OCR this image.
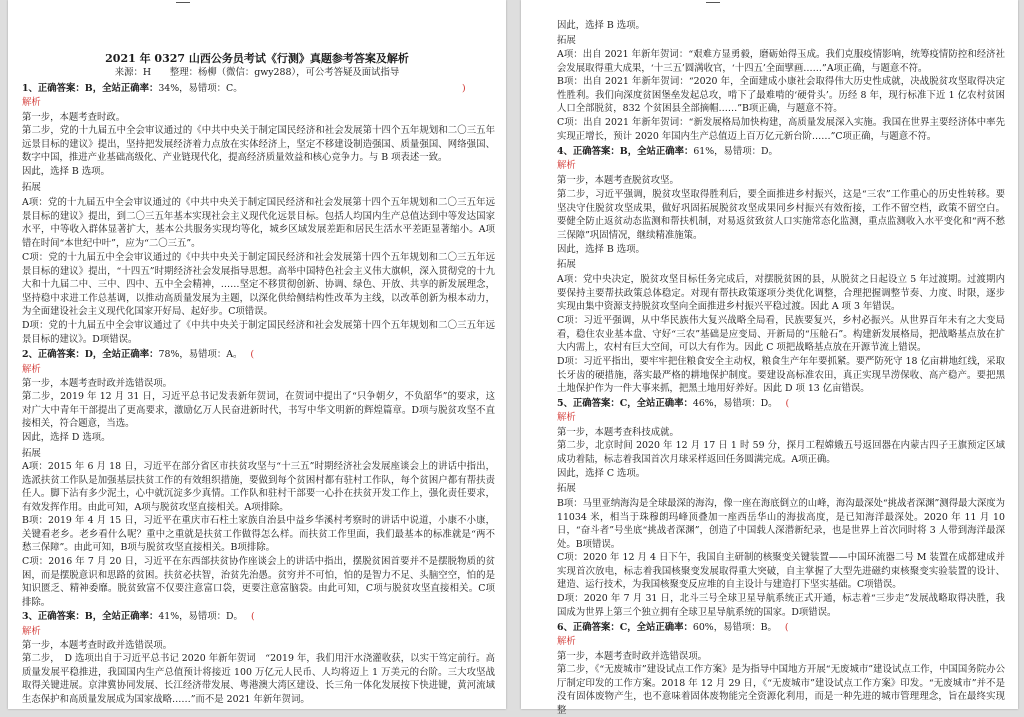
2021 年 0327 山西公务员考试《行测》真题参考答案及解析
来源：H　　整理：杨柳（微信：gwy288），可公考答疑及面试指导
1、正确答案：B，全站正确率：34%，易错项：C。	)
解析
第一步，本题考查时政。
第二步，党的十九届五中全会审议通过的《中共中央关于制定国民经济和社会发展第十四个五年规划和二〇三五年远景目标的建议》提出，坚持把发展经济着力点放在实体经济上，坚定不移建设制造强国、质量强国、网络强国、数字中国，推进产业基础高级化、产业链现代化，提高经济质量效益和核心竞争力。与 B 项表述一致。
因此，选择 B 选项。
拓展
A项：党的十九届五中全会审议通过的《中共中央关于制定国民经济和社会发展第十四个五年规划和二〇三五年远景目标的建议》提出，到二〇三五年基本实现社会主义现代化远景目标。包括人均国内生产总值达到中等发达国家水平，中等收入群体显著扩大，基本公共服务实现均等化，城乡区域发展差距和居民生活水平差距显著缩小。A项错在时间“本世纪中叶”，应为“二〇三五”。
C项：党的十九届五中全会审议通过的《中共中央关于制定国民经济和社会发展第十四个五年规划和二〇三五年远景目标的建议》提出，“十四五”时期经济社会发展指导思想。高举中国特色社会主义伟大旗帜，深入贯彻党的十九大和十九届二中、三中、四中、五中全会精神，……坚定不移贯彻创新、协调、绿色、开放、共享的新发展理念，坚持稳中求进工作总基调，以推动高质量发展为主题，以深化供给侧结构性改革为主线，以改革创新为根本动力，为全面建设社会主义现代化国家开好局、起好步。C项错误。
D项：党的十九届五中全会审议通过了《中共中央关于制定国民经济和社会发展第十四个五年规划和二〇三五年远景目标的建议》。D项错误。
2、正确答案：D，全站正确率：78%，易错项：A。 (
解析
第一步，本题考查时政并选错误项。
第二步，2019 年 12 月 31 日，习近平总书记发表新年贺词，在贺词中提出了“只争朝夕，不负韶华”的要求，这对广大中青年干部提出了更高要求，激励亿万人民奋进新时代，书写中华文明新的辉煌篇章。D项与脱贫攻坚不直接相关，符合题意，当选。
因此，选择 D 选项。
拓展
A项：2015 年 6 月 18 日，习近平在部分省区市扶贫攻坚与“十三五”时期经济社会发展座谈会上的讲话中指出，选派扶贫工作队是加强基层扶贫工作的有效组织措施，要做到每个贫困村都有驻村工作队，每个贫困户都有帮扶责任人。脚下沾有多少泥土，心中就沉淀多少真情。工作队和驻村干部要一心扑在扶贫开发工作上，强化责任要求，有效发挥作用。由此可知，A项与脱贫攻坚直接相关。A项排除。
B项：2019 年 4 月 15 日，习近平在重庆市石柱土家族自治县中益乡华溪村考察时的讲话中说道，小康不小康，关键看老乡。老乡看什么呢？重中之重就是扶贫工作做得怎么样。而扶贫工作里面，我们最基本的标准就是“两不愁三保障”。由此可知，B项与脱贫攻坚直接相关。B项排除。
C项：2016 年 7 月 20 日，习近平在东西部扶贫协作座谈会上的讲话中指出，摆脱贫困首要并不是摆脱物质的贫困，而是摆脱意识和思路的贫困。扶贫必扶智，治贫先治愚。贫穷并不可怕，怕的是智力不足、头脑空空，怕的是知识匮乏、精神委靡。脱贫致富不仅要注意富口袋，更要注意富脑袋。由此可知，C项与脱贫攻坚直接相关。C项排除。
3、正确答案：B，全站正确率：41%，易错项：D。 (
解析
第一步，本题考查时政并选错误项。
第二步，　D 选项出自于习近平总书记 2020 年新年贺词　“2019 年，我们用汗水浇灌收获，以实干笃定前行。高质量发展平稳推进，我国国内生产总值预计将接近 100 万亿元人民币、人均将迈上 1 万美元的台阶。三大攻坚战取得关键进展。京津冀协同发展、长江经济带发展、粤港澳大湾区建设、长三角一体化发展按下快进键，黄河流域生态保护和高质量发展成为国家战略……”而不是 2021 年新年贺词。
因此，选择 B 选项。
拓展
A项：出自 2021 年新年贺词：“艰难方显勇毅，磨砺始得玉成。我们克服疫情影响，统筹疫情防控和经济社会发展取得重大成果，‘十三五’圆满收官，‘十四五’全面擘画……”A项正确，与题意不符。
B项：出自 2021 年新年贺词：“2020 年，全面建成小康社会取得伟大历史性成就，决战脱贫攻坚取得决定性胜利。我们向深度贫困堡垒发起总攻，啃下了最难啃的‘硬骨头’。历经 8 年，现行标准下近 1 亿农村贫困人口全部脱贫，832 个贫困县全部摘帽……”B项正确，与题意不符。
C项：出自 2021 年新年贺词：“新发展格局加快构建，高质量发展深入实施。我国在世界主要经济体中率先实现正增长，预计 2020 年国内生产总值迈上百万亿元新台阶……”C项正确，与题意不符。
4、正确答案：B，全站正确率：61%，易错项：D。
解析
第一步，本题考查脱贫攻坚。
第二步，习近平强调，脱贫攻坚取得胜利后，要全面推进乡村振兴，这是“三农”工作重心的历史性转移。要坚决守住脱贫攻坚成果，做好巩固拓展脱贫攻坚成果同乡村振兴有效衔接，工作不留空档，政策不留空白。要健全防止返贫动态监测和帮扶机制，对易返贫致贫人口实施常态化监测，重点监测收入水平变化和“两不愁三保障”巩固情况，继续精准施策。
因此，选择 B 选项。
拓展
A项：党中央决定，脱贫攻坚目标任务完成后，对摆脱贫困的县，从脱贫之日起设立 5 年过渡期。过渡期内要保持主要帮扶政策总体稳定。对现有帮扶政策逐项分类优化调整，合理把握调整节奏、力度、时限，逐步实现由集中资源支持脱贫攻坚向全面推进乡村振兴平稳过渡。因此 A 项 3 年错误。
C项：习近平强调，从中华民族伟大复兴战略全局看，民族要复兴，乡村必振兴。从世界百年未有之大变局看，稳住农业基本盘、守好“三农”基础是应变局、开新局的“压舱石”。构建新发展格局，把战略基点放在扩大内需上，农村有巨大空间，可以大有作为。因此 C 项把战略基点放在开源节流上错误。
D项：习近平指出，要牢牢把住粮食安全主动权，粮食生产年年要抓紧。要严防死守 18 亿亩耕地红线，采取长牙齿的硬措施，落实最严格的耕地保护制度。要建设高标准农田，真正实现旱涝保收、高产稳产。要把黑土地保护作为一件大事来抓，把黑土地用好养好。因此 D 项 13 亿亩错误。
5、正确答案：C，全站正确率：46%，易错项：D。 (
解析
第一步，本题考查科技成就。
第二步，北京时间 2020 年 12 月 17 日 1 时 59 分，探月工程嫦娥五号返回器在内蒙古四子王旗预定区域成功着陆，标志着我国首次月球采样返回任务圆满完成。A项正确。
因此，选择 C 选项。
拓展
B项：马里亚纳海沟是全球最深的海沟，像一座在海底倒立的山峰，海沟最深处“挑战者深渊”测得最大深度为 11034 米，相当于珠穆朗玛峰顶叠加一座西岳华山的海拔高度，是已知海洋最深处。2020 年 11 月 10 日，“奋斗者”号坐底“挑战者深渊”，创造了中国载人深潜新纪录，也是世界上首次同时将 3 人带到海洋最深处。B项错误。
C项：2020 年 12 月 4 日下午，我国自主研制的核聚变关键装置——中国环流器二号 M 装置在成都建成并实现首次放电，标志着我国核聚变发展取得重大突破，自主掌握了大型先进磁约束核聚变实验装置的设计、建造、运行技术，为我国核聚变反应堆的自主设计与建造打下坚实基础。C项错误。
D项：2020 年 7 月 31 日，北斗三号全球卫星导航系统正式开通，标志着“三步走”发展战略取得决胜，我国成为世界上第三个独立拥有全球卫星导航系统的国家。D项错误。
6、正确答案：C，全站正确率：60%，易错项：B。 (
解析
第一步，本题考查时政并选错误项。
第二步，《“无废城市”建设试点工作方案》是为指导中国地方开展“无废城市”建设试点工作，中国国务院办公厅制定印发的工作方案。2018 年 12 月 29 日，《“无废城市”建设试点工作方案》印发。“无废城市”并不是没有固体废物产生，也不意味着固体废物能完全资源化利用，而是一种先进的城市管理理念，旨在最终实现整
